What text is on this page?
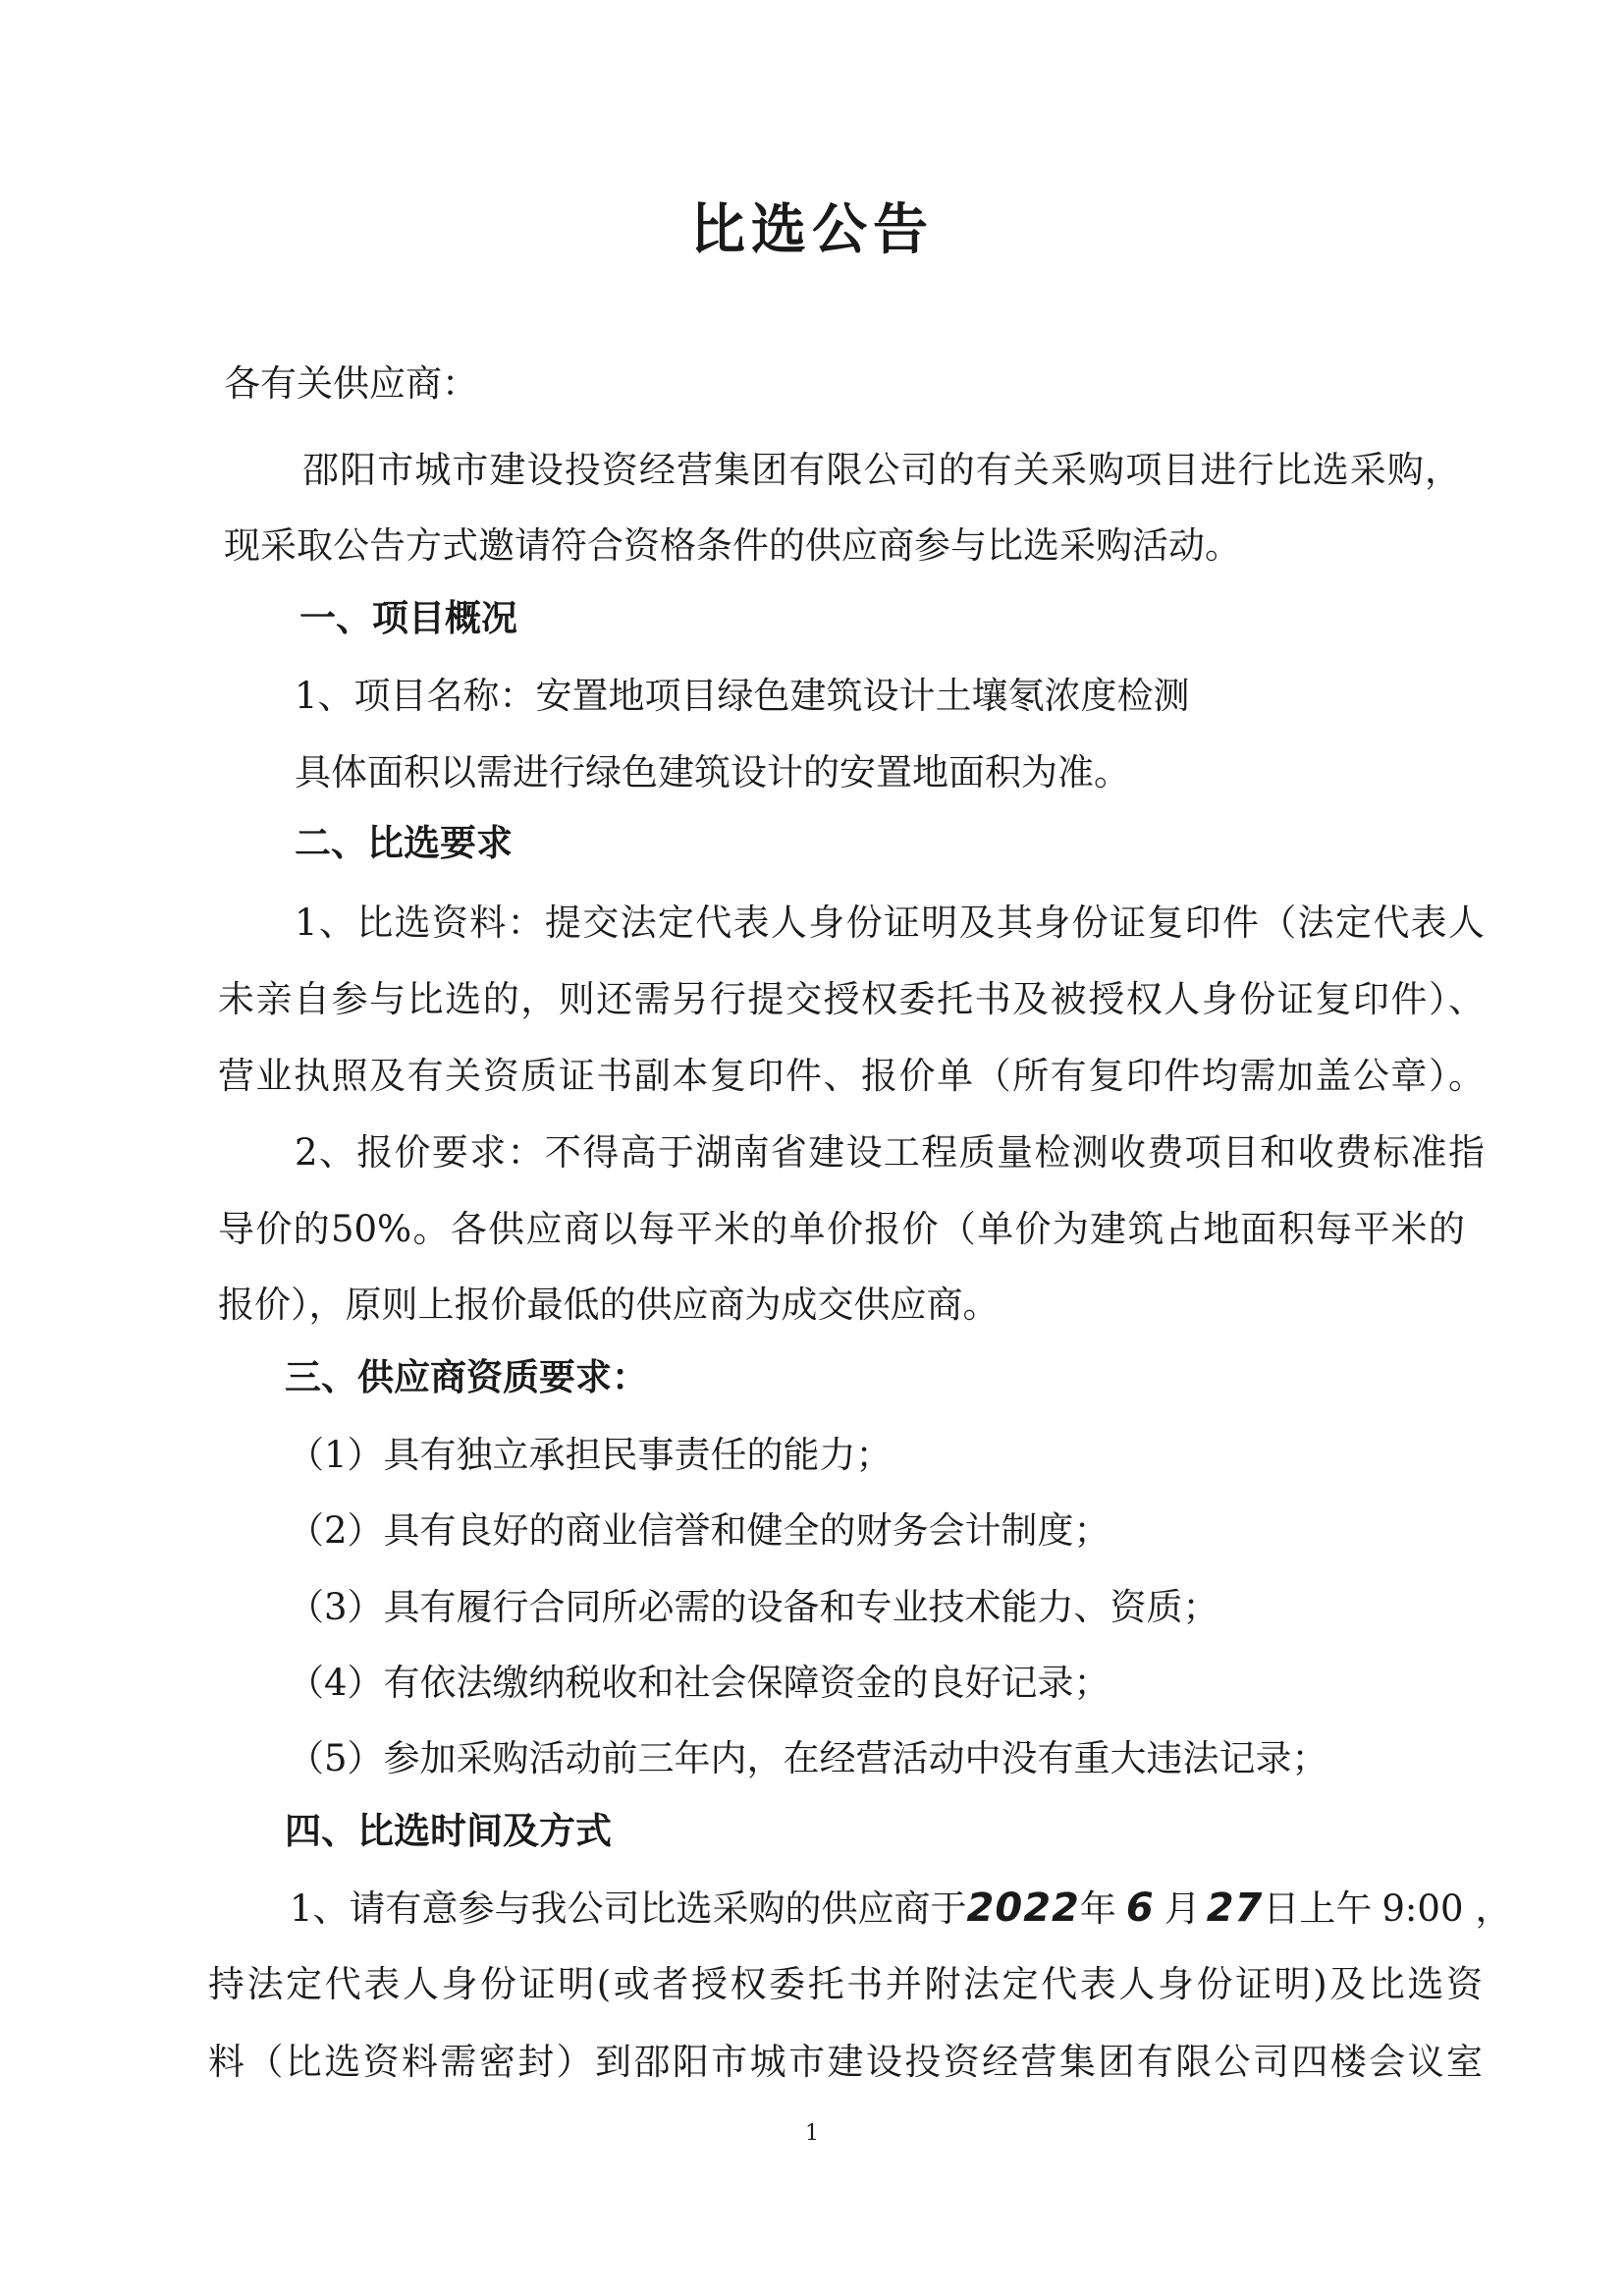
比选公告
各有关供应商：
邵阳市城市建设投资经营集团有限公司的有关采购项目进行比选采购，
现采取公告方式邀请符合资格条件的供应商参与比选采购活动。
一、项目概况
1、项目名称：安置地项目绿色建筑设计土壤氡浓度检测
具体面积以需进行绿色建筑设计的安置地面积为准。
二、比选要求
1、比选资料：提交法定代表人身份证明及其身份证复印件（法定代表人
未亲自参与比选的，则还需另行提交授权委托书及被授权人身份证复印件）、
营业执照及有关资质证书副本复印件、报价单（所有复印件均需加盖公章）。
2、报价要求：不得高于湖南省建设工程质量检测收费项目和收费标准指
导价的50%。各供应商以每平米的单价报价（单价为建筑占地面积每平米的
报价），原则上报价最低的供应商为成交供应商。
三、供应商资质要求：
（1）具有独立承担民事责任的能力；
（2）具有良好的商业信誉和健全的财务会计制度；
（3）具有履行合同所必需的设备和专业技术能力、资质；
（4）有依法缴纳税收和社会保障资金的良好记录；
（5）参加采购活动前三年内，在经营活动中没有重大违法记录；
四、比选时间及方式
1、请有意参与我公司比选采购的供应商于2022年 6 月 27日上午 9:00 ，
持法定代表人身份证明(或者授权委托书并附法定代表人身份证明)及比选资
料（比选资料需密封）到邵阳市城市建设投资经营集团有限公司四楼会议室
1
